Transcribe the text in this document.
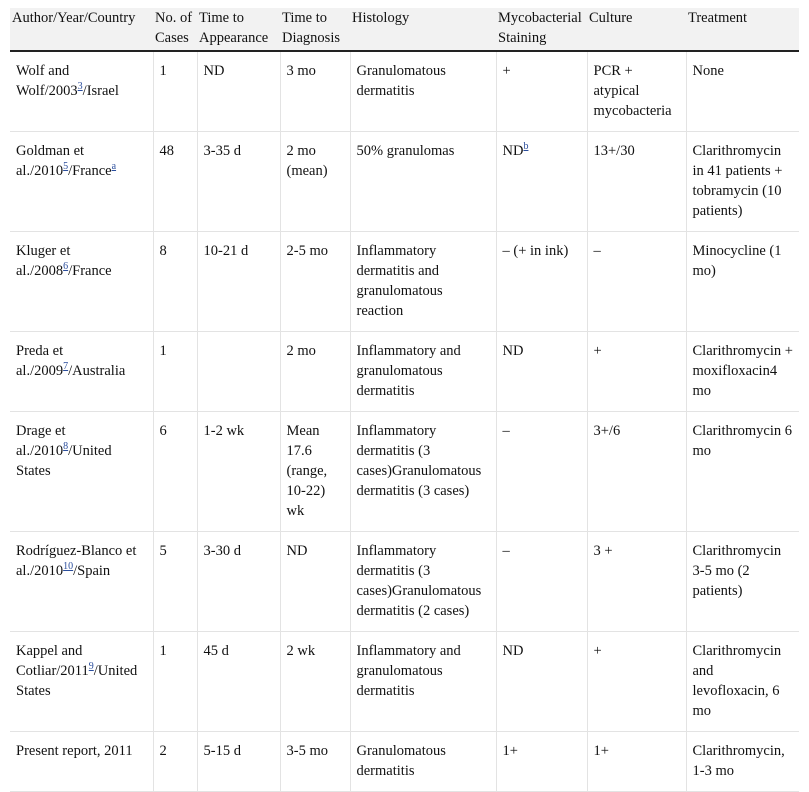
Author/Year/Country	No. of Cases	Time to Appearance	Time to Diagnosis	Histology	Mycobacterial Staining	Culture	Treatment
Wolf and Wolf/2003$^3$/Israel	1	ND	3 mo	Granulomatous dermatitis	+	PCR + atypical mycobacteria	None
Goldman et al./2010$^5$/France$^a$	48	3-35 d	2 mo (mean)	50% granulomas	ND$^b$	13+/30	Clarithromycin in 41 patients + tobramycin (10 patients)
Kluger et al./2008$^6$/France	8	10-21 d	2-5 mo	Inflammatory dermatitis and granulomatous reaction	– (+ in ink)	–	Minocycline (1 mo)
Preda et al./2009$^7$/Australia	1		2 mo	Inflammatory and granulomatous dermatitis	ND	+	Clarithromycin + moxifloxacin4 mo
Drage et al./2010$^8$/United States	6	1-2 wk	Mean 17.6 (range, 10-22) wk	Inflammatory dermatitis (3 cases)Granulomatous dermatitis (3 cases)	–	3+/6	Clarithromycin 6 mo
Rodríguez-Blanco et al./2010$^{10}$/Spain	5	3-30 d	ND	Inflammatory dermatitis (3 cases)Granulomatous dermatitis (2 cases)	–	3 +	Clarithromycin 3-5 mo (2 patients)
Kappel and Cotliar/2011$^9$/United States	1	45 d	2 wk	Inflammatory and granulomatous dermatitis	ND	+	Clarithromycin and levofloxacin, 6 mo
Present report, 2011	2	5-15 d	3-5 mo	Granulomatous dermatitis	1+	1+	Clarithromycin, 1-3 mo
